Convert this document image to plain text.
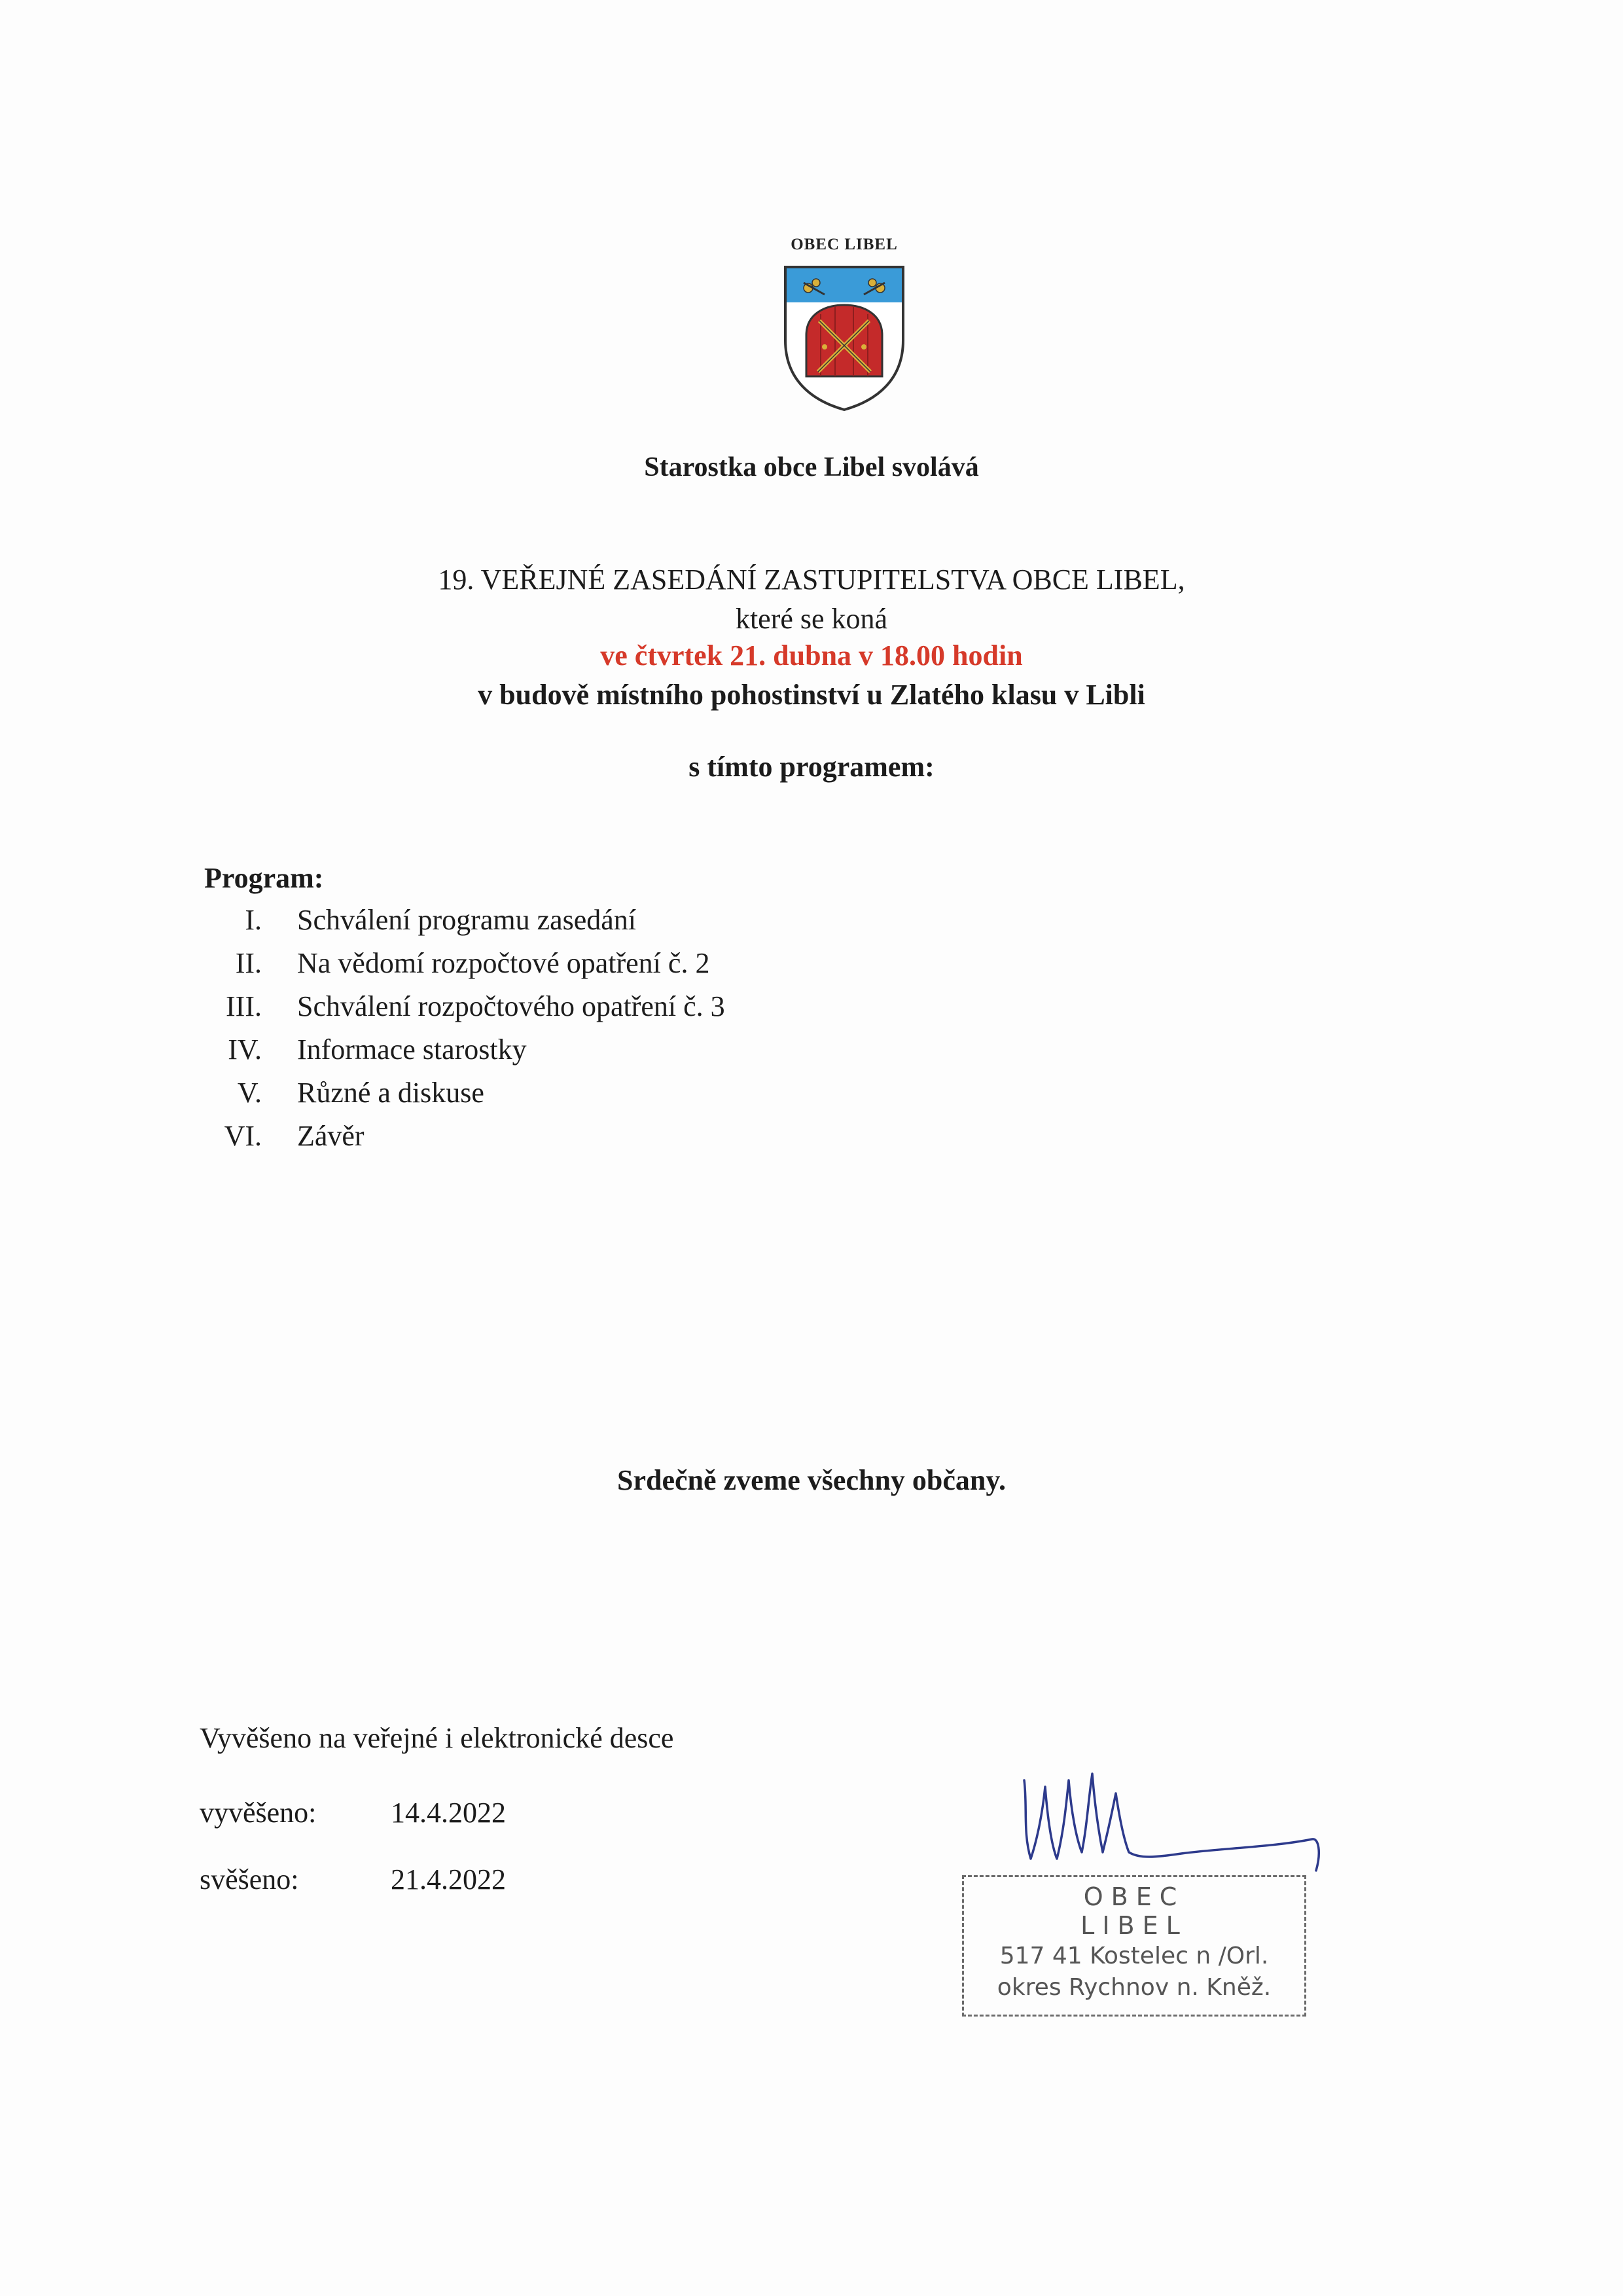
OBEC LIBEL
Starostka obce Libel svolává
19. VEŘEJNÉ ZASEDÁNÍ ZASTUPITELSTVA OBCE LIBEL,
které se koná
ve čtvrtek 21. dubna v 18.00 hodin
v budově místního pohostinství u Zlatého klasu v Libli
s tímto programem:
Program:
I. Schválení programu zasedání
II. Na vědomí rozpočtové opatření č. 2
III. Schválení rozpočtového opatření č. 3
IV. Informace starostky
V. Různé a diskuse
VI. Závěr
Srdečně zveme všechny občany.
Vyvěšeno na veřejné i elektronické desce
vyvěšeno:	14.4.2022
svěšeno:	21.4.2022
OBEC
LIBEL
517 41 Kostelec n /Orl.
okres Rychnov n. Kněž.
